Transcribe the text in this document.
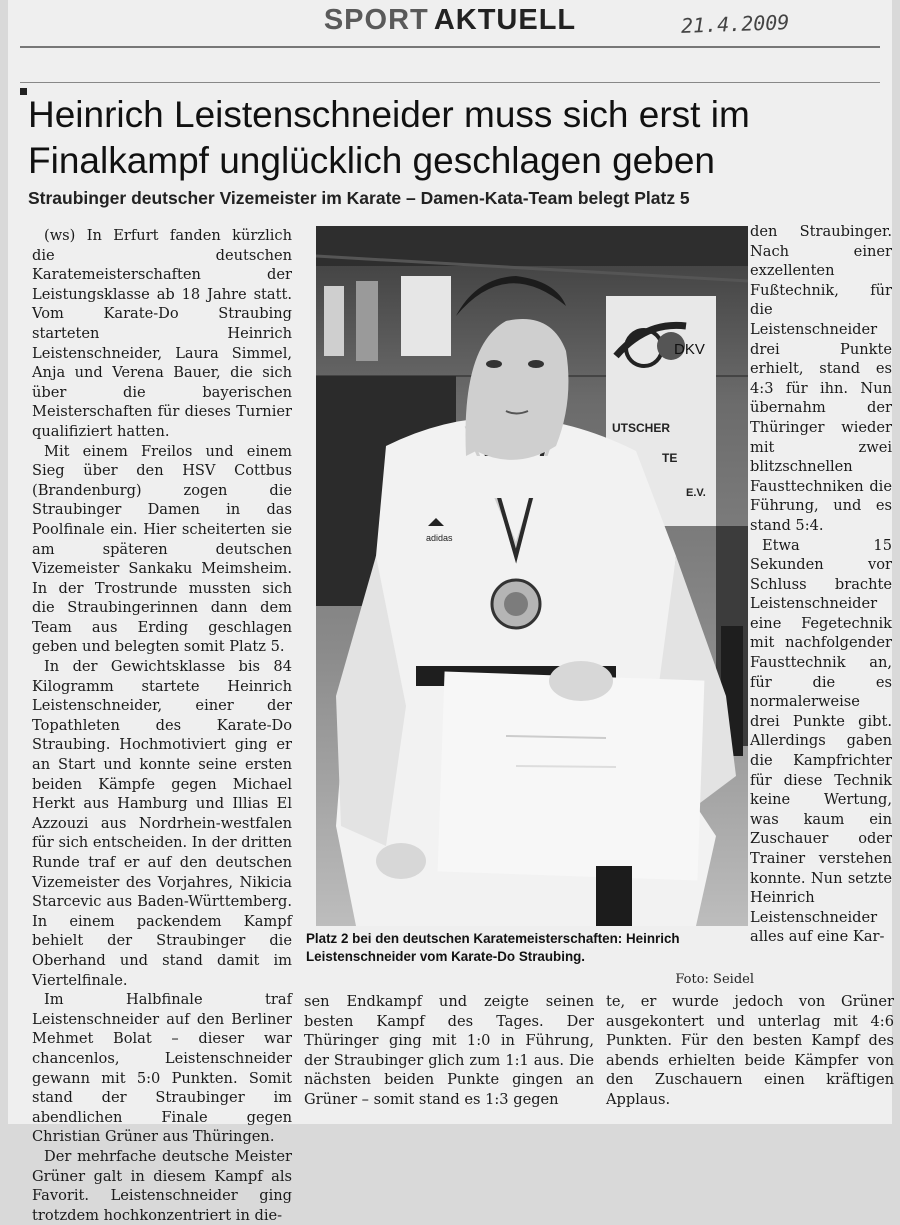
SPORT AKTUELL	21.4.2009
Heinrich Leistenschneider muss sich erst im Finalkampf unglücklich geschlagen geben
Straubinger deutscher Vizemeister im Karate – Damen-Kata-Team belegt Platz 5

(ws) In Erfurt fanden kürzlich die deutschen Karatemeisterschaften der Leistungsklasse ab 18 Jahre statt. Vom Karate-Do Straubing starteten Heinrich Leistenschneider, Laura Simmel, Anja und Verena Bauer, die sich über die bayerischen Meisterschaften für dieses Turnier qualifiziert hatten.

Mit einem Freilos und einem Sieg über den HSV Cottbus (Brandenburg) zogen die Straubinger Damen in das Poolfinale ein. Hier scheiterten sie am späteren deutschen Vizemeister Sankaku Meimsheim. In der Trostrunde mussten sich die Straubingerinnen dann dem Team aus Erding geschlagen geben und belegten somit Platz 5.

In der Gewichtsklasse bis 84 Kilogramm startete Heinrich Leistenschneider, einer der Topathleten des Karate-Do Straubing. Hochmotiviert ging er an Start und konnte seine ersten beiden Kämpfe gegen Michael Herkt aus Hamburg und Illias El Azzouzi aus Nordrhein-westfalen für sich entscheiden. In der dritten Runde traf er auf den deutschen Vizemeister des Vorjahres, Nikicia Starcevic aus Baden-Württemberg. In einem packendem Kampf behielt der Straubinger die Oberhand und stand damit im Viertelfinale.

Im Halbfinale traf Leistenschneider auf den Berliner Mehmet Bolat – dieser war chancenlos, Leistenschneider gewann mit 5:0 Punkten. Somit stand der Straubinger im abendlichen Finale gegen Christian Grüner aus Thüringen.

Der mehrfache deutsche Meister Grüner galt in diesem Kampf als Favorit. Leistenschneider ging trotzdem hochkonzentriert in die-

DKV
UTSCHER
TE
E.V.
adidas

den Straubinger. Nach einer exzellenten Fußtechnik, für die Leistenschneider drei Punkte erhielt, stand es 4:3 für ihn. Nun übernahm der Thüringer wieder mit zwei blitzschnellen Fausttechniken die Führung, und es stand 5:4.

Etwa 15 Sekunden vor Schluss brachte Leistenschneider eine Fegetechnik mit nachfolgender Fausttechnik an, für die es normalerweise drei Punkte gibt. Allerdings gaben die Kampfrichter für diese Technik keine Wertung, was kaum ein Zuschauer oder Trainer verstehen konnte. Nun setzte Heinrich Leistenschneider alles auf eine Kar-

Platz 2 bei den deutschen Karatemeisterschaften: Heinrich Leistenschneider vom Karate-Do Straubing.

Foto: Seidel

sen Endkampf und zeigte seinen besten Kampf des Tages. Der Thüringer ging mit 1:0 in Führung, der Straubinger glich zum 1:1 aus. Die nächsten beiden Punkte gingen an Grüner – somit stand es 1:3 gegen

te, er wurde jedoch von Grüner ausgekontert und unterlag mit 4:6 Punkten. Für den besten Kampf des abends erhielten beide Kämpfer von den Zuschauern einen kräftigen Applaus.
